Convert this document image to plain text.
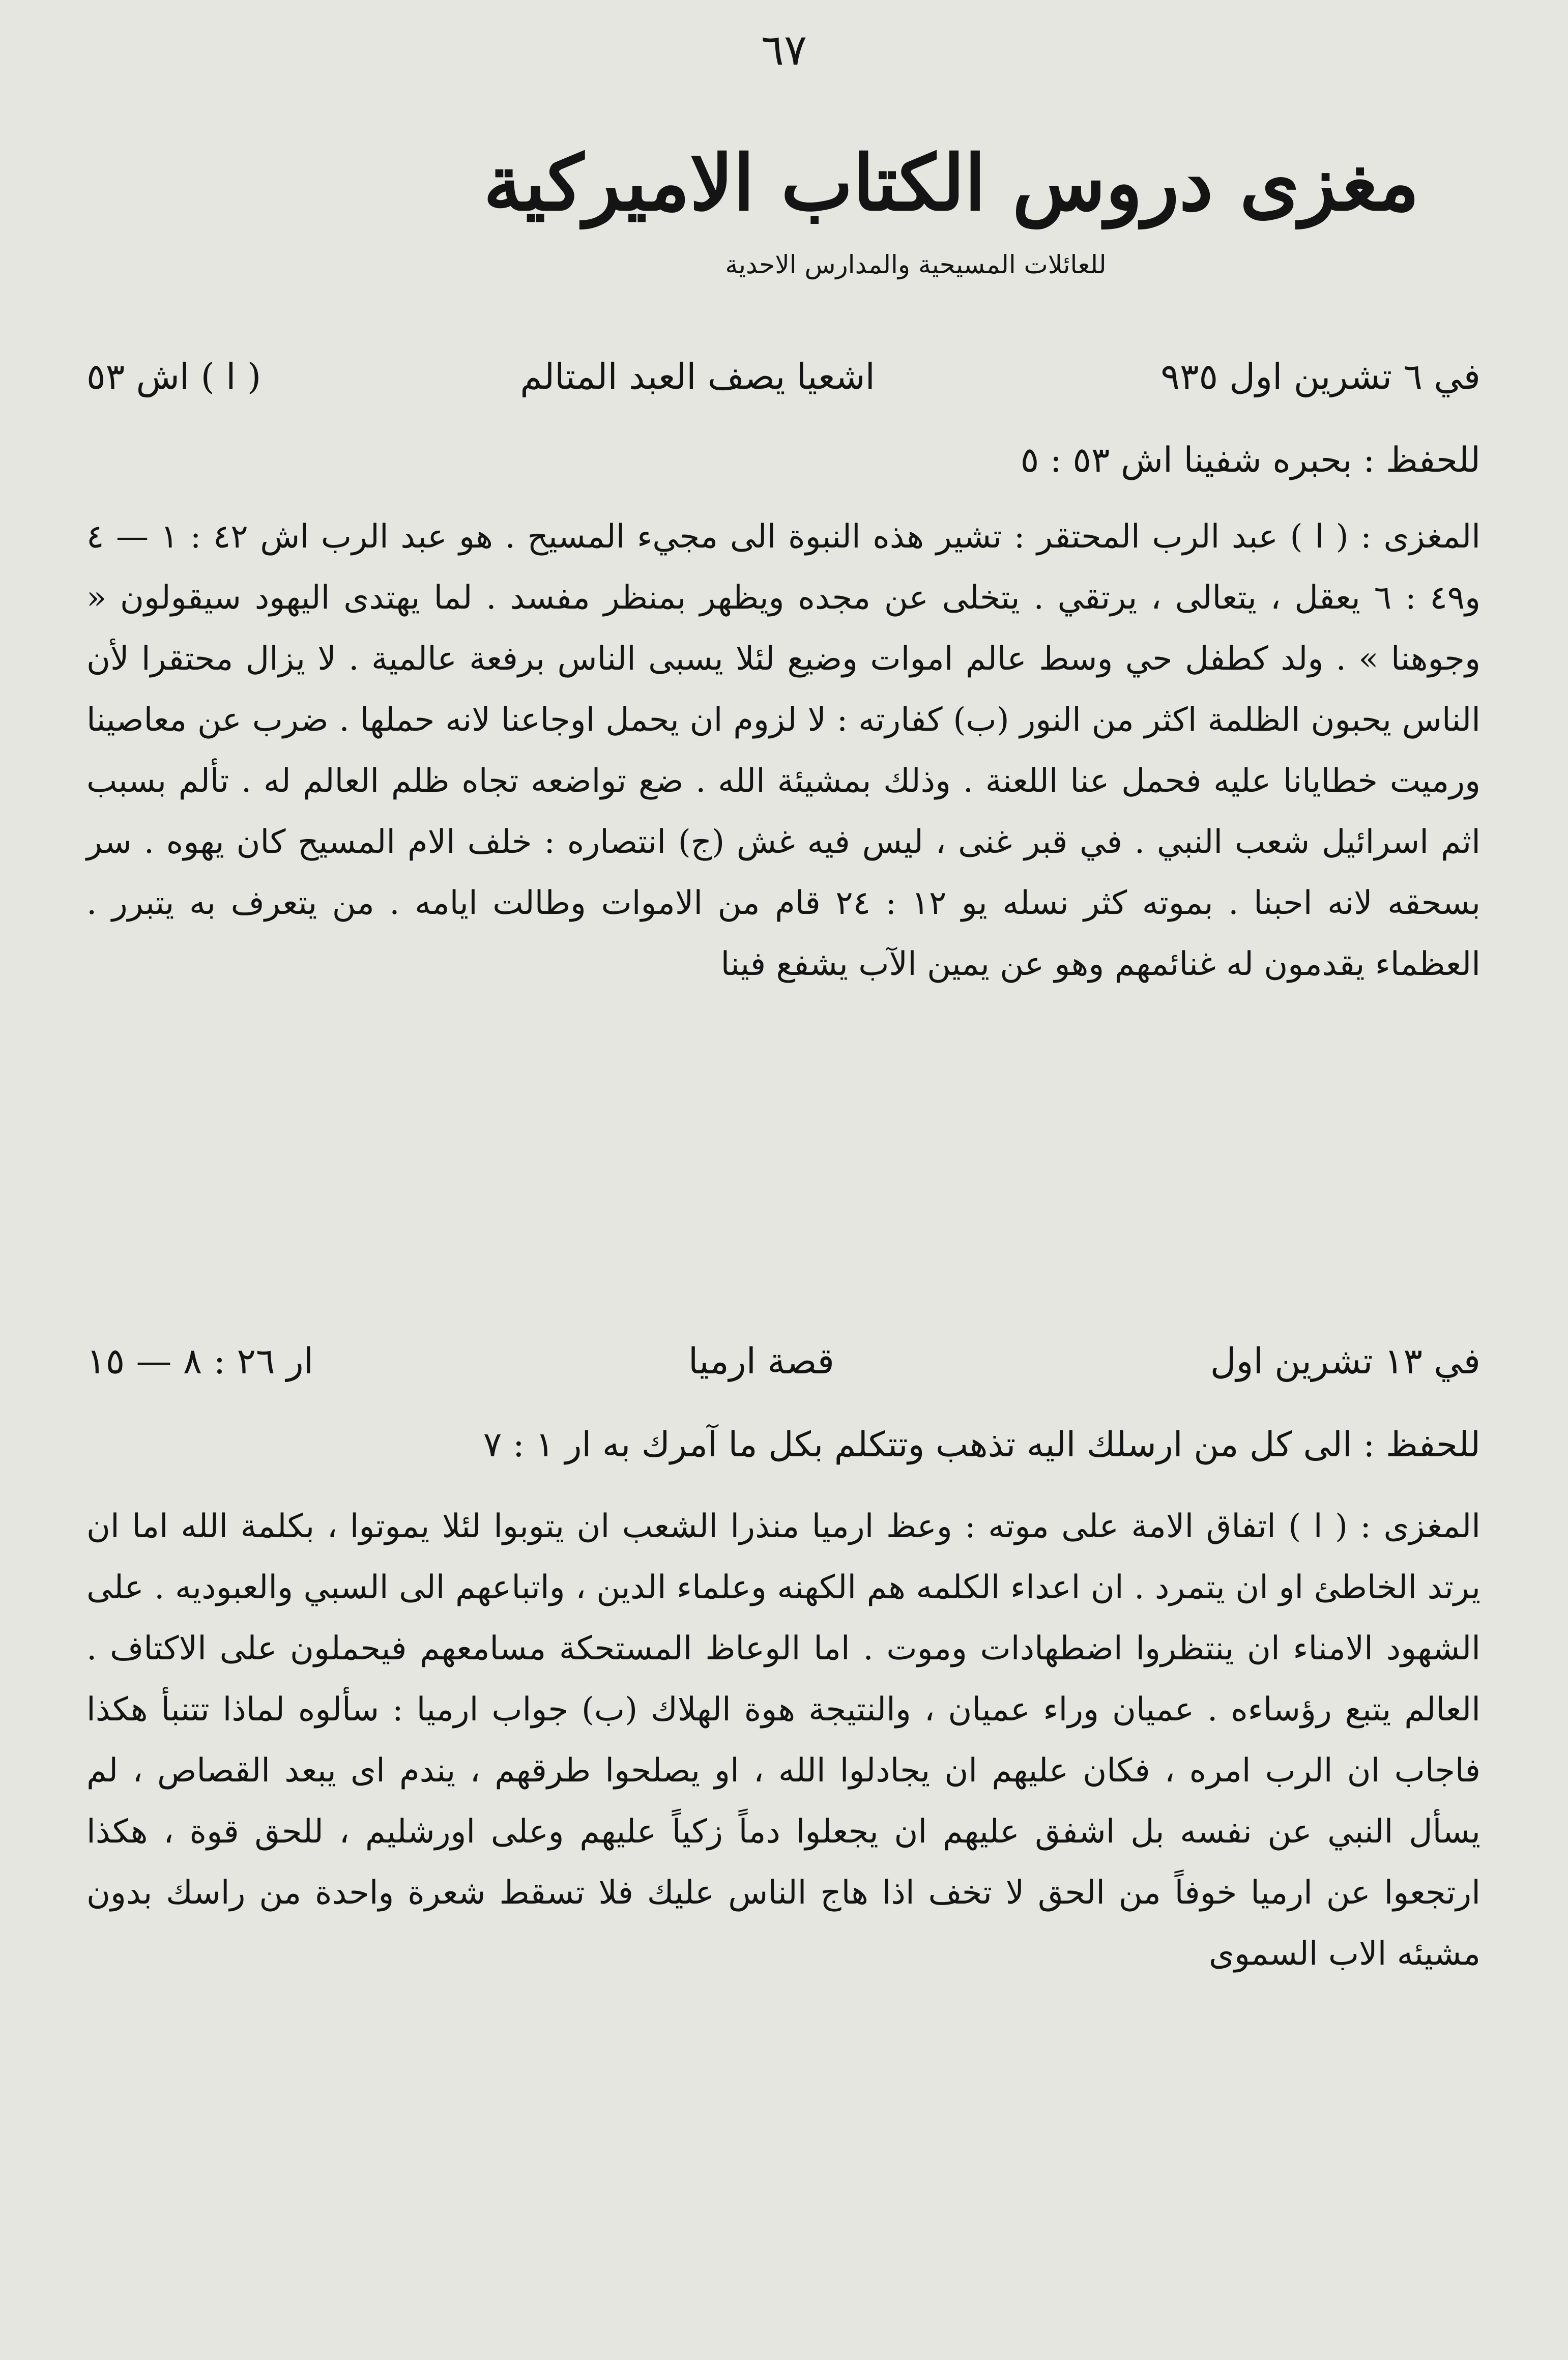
٦٧
مغزى دروس الكتاب الاميركية
للعائلات المسيحية والمدارس الاحدية
في ٦ تشرين اول ٩٣٥
اشعيا يصف العبد المتالم
( ا ) اش ٥٣
للحفظ : بحبره شفينا اش ٥٣ : ٥

المغزى : ( ا ) عبد الرب المحتقر : تشير هذه النبوة الى مجيء المسيح . هو عبد الرب اش ٤٢ : ١ — ٤ و٤٩ : ٦ يعقل ، يتعالى ، يرتقي . يتخلى عن مجده ويظهر بمنظر مفسد . لما يهتدى اليهود سيقولون « وجوهنا » . ولد كطفل حي وسط عالم اموات وضيع لئلا يسبى الناس برفعة عالمية . لا يزال محتقرا لأن الناس يحبون الظلمة اكثر من النور (ب) كفارته : لا لزوم ان يحمل اوجاعنا لانه حملها . ضرب عن معاصينا ورميت خطايانا عليه فحمل عنا اللعنة . وذلك بمشيئة الله . ضع تواضعه تجاه ظلم العالم له . تألم بسبب اثم اسرائيل شعب النبي . في قبر غنى ، ليس فيه غش (ج) انتصاره : خلف الام المسيح كان يهوه . سر بسحقه لانه احبنا . بموته كثر نسله يو ١٢ : ٢٤ قام من الاموات وطالت ايامه . من يتعرف به يتبرر . العظماء يقدمون له غنائمهم وهو عن يمين الآب يشفع فينا

في ١٣ تشرين اول
قصة ارميا
ار ٢٦ : ٨ — ١٥
للحفظ : الى كل من ارسلك اليه تذهب وتتكلم بكل ما آمرك به ار ١ : ٧

المغزى : ( ا ) اتفاق الامة على موته : وعظ ارميا منذرا الشعب ان يتوبوا لئلا يموتوا ، بكلمة الله اما ان يرتد الخاطئ او ان يتمرد . ان اعداء الكلمه هم الكهنه وعلماء الدين ، واتباعهم الى السبي والعبوديه . على الشهود الامناء ان ينتظروا اضطهادات وموت . اما الوعاظ المستحكة مسامعهم فيحملون على الاكتاف . العالم يتبع رؤساءه . عميان وراء عميان ، والنتيجة هوة الهلاك (ب) جواب ارميا : سألوه لماذا تتنبأ هكذا فاجاب ان الرب امره ، فكان عليهم ان يجادلوا الله ، او يصلحوا طرقهم ، يندم اى يبعد القصاص ، لم يسأل النبي عن نفسه بل اشفق عليهم ان يجعلوا دماً زكياً عليهم وعلى اورشليم ، للحق قوة ، هكذا ارتجعوا عن ارميا خوفاً من الحق لا تخف اذا هاج الناس عليك فلا تسقط شعرة واحدة من راسك بدون مشيئه الاب السموى
